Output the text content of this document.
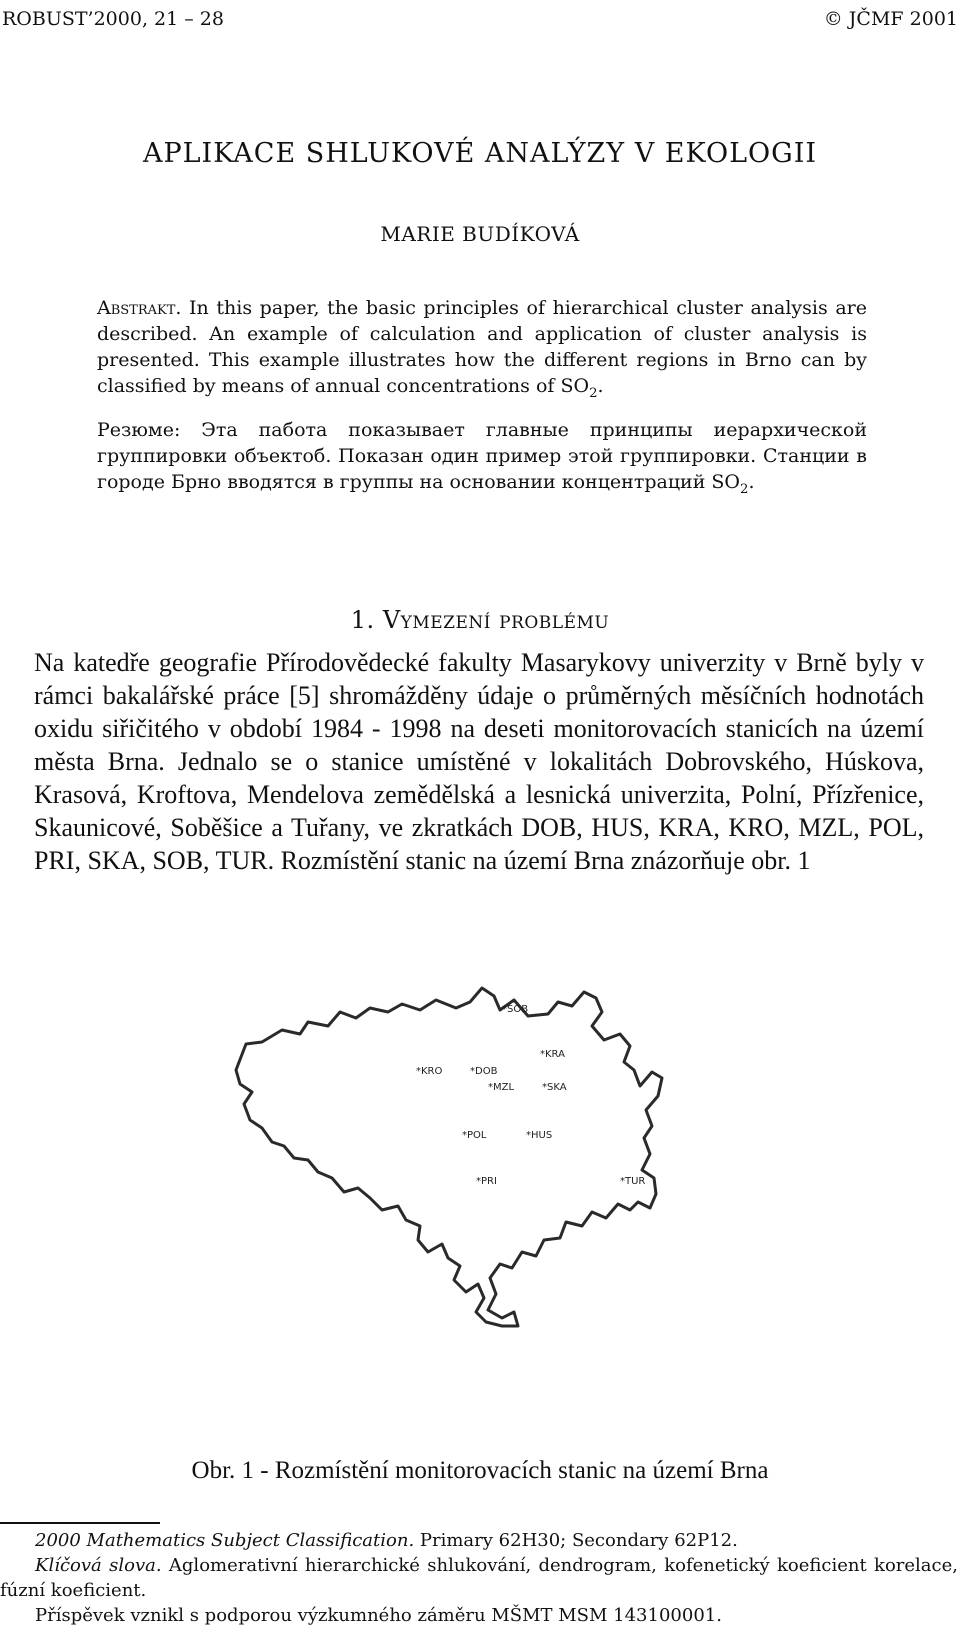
ROBUST’2000, 21 – 28	© JČMF 2001
APLIKACE SHLUKOVÉ ANALÝZY V EKOLOGII
MARIE BUDÍKOVÁ

Abstrakt. In this paper, the basic principles of hierarchical cluster analysis are described. An example of calculation and application of cluster analysis is presented. This example illustrates how the different regions in Brno can by classified by means of annual concentrations of $SO_2$.

Резюме: Эта пабота показывает главные принципы иерархической группировки объектоб. Показан один пример этой группировки. Станции в городе Брно вводятся в группы на основании концентраций $SO_2$.

1. Vymezení problému

Na katedře geografie Přírodovědecké fakulty Masarykovy univerzity v Brně byly v rámci bakalářské práce [5] shromážděny údaje o průměrných měsíčních hodnotách oxidu siřičitého v období 1984 - 1998 na deseti monitorovacích stanicích na území města Brna. Jednalo se o stanice umístěné v lokalitách Dobrovského, Húskova, Krasová, Kroftova, Mendelova zemědělská a lesnická univerzita, Polní, Přízřenice, Skaunicové, Soběšice a Tuřany, ve zkratkách DOB, HUS, KRA, KRO, MZL, POL, PRI, SKA, SOB, TUR. Rozmístění stanic na území Brna znázorňuje obr. 1

*SOB
*KRA
*KRO	*DOB
*MZL	*SKA
*POL	*HUS
*PRI	*TUR
Obr. 1 - Rozmístění monitorovacích stanic na území Brna

2000 Mathematics Subject Classification. Primary 62H30; Secondary 62P12.

Klíčová slova. Aglomerativní hierarchické shlukování, dendrogram, kofenetický koeficient korelace, fúzní koeficient.

Příspěvek vznikl s podporou výzkumného záměru MŠMT MSM 143100001.
